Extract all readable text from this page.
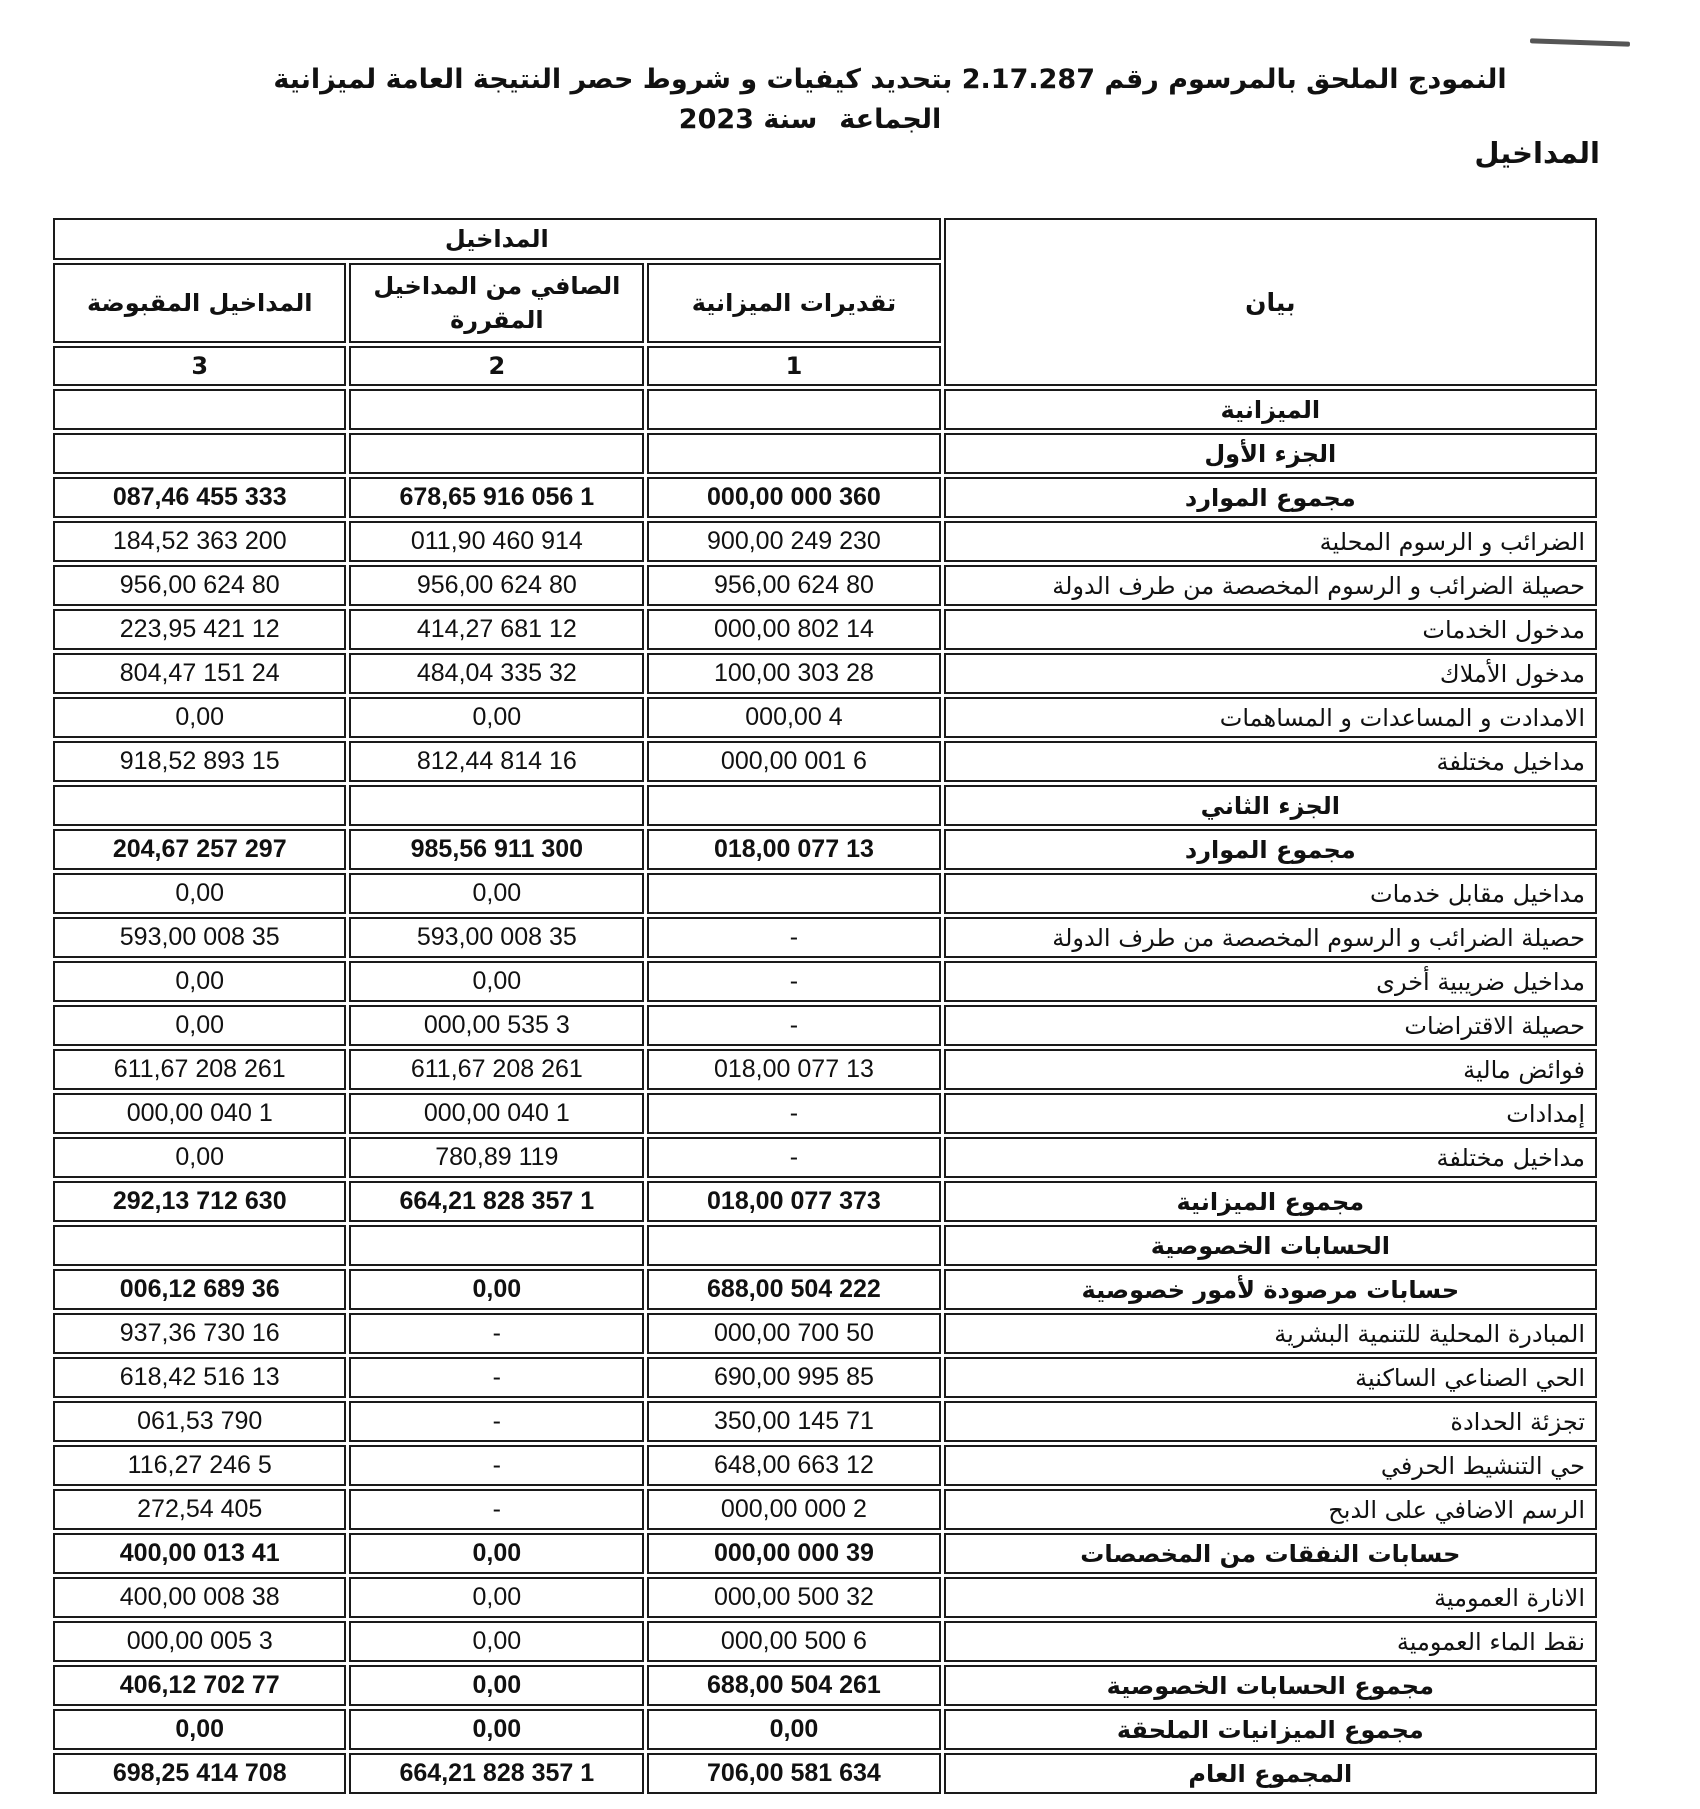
النمودج الملحق بالمرسوم رقم 2.17.287 بتحديد كيفيات و شروط حصر النتيجة العامة لميزانية
الجماعةسنة 2023
المداخيل
بيان	المداخيل		
	تقديرات الميزانية	الصافي من المداخيل المقررة	المداخيل المقبوضة
	1	2	3
الميزانية			
الجزء الأول			
مجموع الموارد	360 000 000,00	1 056 916 678,65	333 455 087,46
الضرائب و الرسوم المحلية	230 249 900,00	914 460 011,90	200 363 184,52
حصيلة الضرائب و الرسوم المخصصة من طرف الدولة	80 624 956,00	80 624 956,00	80 624 956,00
مدخول الخدمات	14 802 000,00	12 681 414,27	12 421 223,95
مدخول الأملاك	28 303 100,00	32 335 484,04	24 151 804,47
الامدادت و المساعدات و المساهمات	4 000,00	0,00	0,00
مداخيل مختلفة	6 001 000,00	16 814 812,44	15 893 918,52
الجزء الثاني			
مجموع الموارد	13 077 018,00	300 911 985,56	297 257 204,67
مداخيل مقابل خدمات		0,00	0,00
حصيلة الضرائب و الرسوم المخصصة من طرف الدولة	-	35 008 593,00	35 008 593,00
مداخيل ضريبية أخرى	-	0,00	0,00
حصيلة الاقتراضات	-	3 535 000,00	0,00
فوائض مالية	13 077 018,00	261 208 611,67	261 208 611,67
إمدادات	-	1 040 000,00	1 040 000,00
مداخيل مختلفة	-	119 780,89	0,00
مجموع الميزانية	373 077 018,00	1 357 828 664,21	630 712 292,13
الحسابات الخصوصية			
حسابات مرصودة لأمور خصوصية	222 504 688,00	0,00	36 689 006,12
المبادرة المحلية للتنمية البشرية	50 700 000,00	-	16 730 937,36
الحي الصناعي الساكنية	85 995 690,00	-	13 516 618,42
تجزئة الحدادة	71 145 350,00	-	790 061,53
حي التنشيط الحرفي	12 663 648,00	-	5 246 116,27
الرسم الاضافي على الدبح	2 000 000,00	-	405 272,54
حسابات النفقات من المخصصات	39 000 000,00	0,00	41 013 400,00
الانارة العمومية	32 500 000,00	0,00	38 008 400,00
نقط الماء العمومية	6 500 000,00	0,00	3 005 000,00
مجموع الحسابات الخصوصية	261 504 688,00	0,00	77 702 406,12
مجموع الميزانيات الملحقة	0,00	0,00	0,00
المجموع العام	634 581 706,00	1 357 828 664,21	708 414 698,25
